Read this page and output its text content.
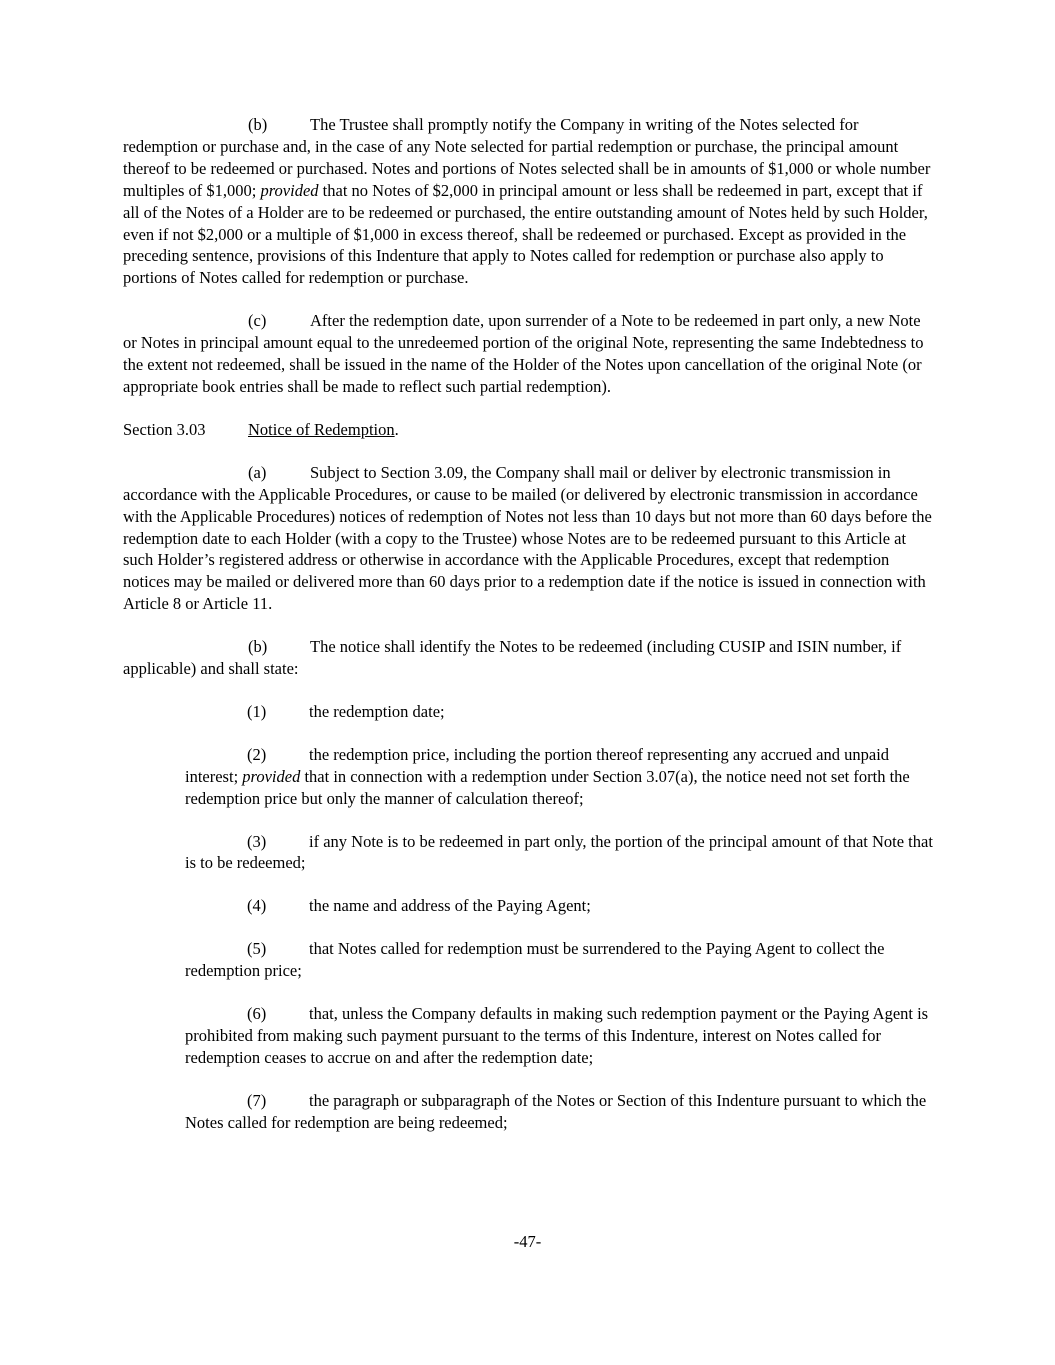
(b)	The Trustee shall promptly notify the Company in writing of the Notes selected for redemption or purchase and, in the case of any Note selected for partial redemption or purchase, the principal amount thereof to be redeemed or purchased. Notes and portions of Notes selected shall be in amounts of $1,000 or whole number multiples of $1,000; provided that no Notes of $2,000 in principal amount or less shall be redeemed in part, except that if all of the Notes of a Holder are to be redeemed or purchased, the entire outstanding amount of Notes held by such Holder, even if not $2,000 or a multiple of $1,000 in excess thereof, shall be redeemed or purchased. Except as provided in the preceding sentence, provisions of this Indenture that apply to Notes called for redemption or purchase also apply to portions of Notes called for redemption or purchase.

(c)	After the redemption date, upon surrender of a Note to be redeemed in part only, a new Note or Notes in principal amount equal to the unredeemed portion of the original Note, representing the same Indebtedness to the extent not redeemed, shall be issued in the name of the Holder of the Notes upon cancellation of the original Note (or appropriate book entries shall be made to reflect such partial redemption).

Section 3.03	Notice of Redemption.

(a)	Subject to Section 3.09, the Company shall mail or deliver by electronic transmission in accordance with the Applicable Procedures, or cause to be mailed (or delivered by electronic transmission in accordance with the Applicable Procedures) notices of redemption of Notes not less than 10 days but not more than 60 days before the redemption date to each Holder (with a copy to the Trustee) whose Notes are to be redeemed pursuant to this Article at such Holder’s registered address or otherwise in accordance with the Applicable Procedures, except that redemption notices may be mailed or delivered more than 60 days prior to a redemption date if the notice is issued in connection with Article 8 or Article 11.

(b)	The notice shall identify the Notes to be redeemed (including CUSIP and ISIN number, if applicable) and shall state:

(1)	the redemption date;

(2)	the redemption price, including the portion thereof representing any accrued and unpaid interest; provided that in connection with a redemption under Section 3.07(a), the notice need not set forth the redemption price but only the manner of calculation thereof;

(3)	if any Note is to be redeemed in part only, the portion of the principal amount of that Note that is to be redeemed;

(4)	the name and address of the Paying Agent;

(5)	that Notes called for redemption must be surrendered to the Paying Agent to collect the redemption price;

(6)	that, unless the Company defaults in making such redemption payment or the Paying Agent is prohibited from making such payment pursuant to the terms of this Indenture, interest on Notes called for redemption ceases to accrue on and after the redemption date;

(7)	the paragraph or subparagraph of the Notes or Section of this Indenture pursuant to which the Notes called for redemption are being redeemed;

-47-
